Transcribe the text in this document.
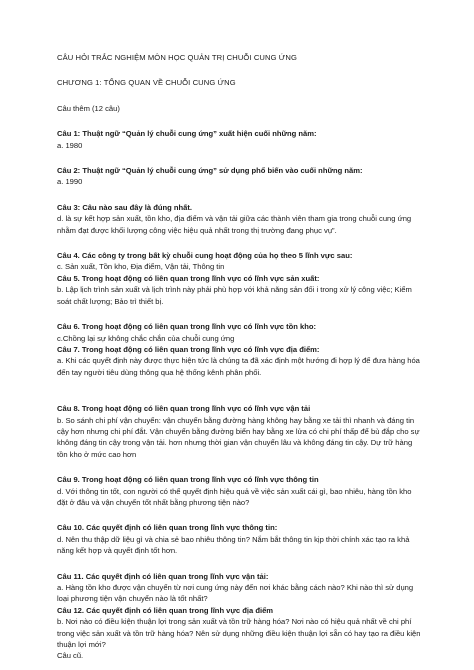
CÂU HỎI TRẮC NGHIỆM MÔN HỌC QUẢN TRỊ CHUỖI CUNG ỨNG

CHƯƠNG 1: TỔNG QUAN VỀ CHUỖI CUNG ỨNG

Câu thêm (12 câu)

Câu 1: Thuật ngữ “Quản lý chuỗi cung ứng” xuất hiện cuối những năm:

a. 1980

Câu 2: Thuật ngữ “Quản lý chuỗi cung ứng” sử dụng phổ biến vào cuối những năm:

a. 1990

Câu 3: Câu nào sau đây là đúng nhất.

d. là sự kết hợp sản xuất, tồn kho, địa điểm và vận tải giữa các thành viên tham gia trong chuỗi cung ứng nhằm đạt được khối lượng công việc hiệu quả nhất trong thị trường đang phục vụ”.

Câu 4. Các công ty trong bất kỳ chuỗi cung hoạt động của họ theo 5 lĩnh vực sau:

c. Sản xuất, Tồn kho, Địa điểm, Vận tải, Thông tin

Câu 5. Trong hoạt động có liên quan trong lĩnh vực có lĩnh vực sản xuất:

b. Lập lịch trình sản xuất và lịch trình này phải phù hợp với khả năng sản đối i trong xử lý công việc; Kiểm soát chất lượng; Bảo trì thiết bị.

Câu 6. Trong hoạt động có liên quan trong lĩnh vực có lĩnh vực tồn kho:

c.Chồng lại sự không chắc chắn của chuỗi cung ứng

Câu 7. Trong hoạt động có liên quan trong lĩnh vực có lĩnh vực địa điểm:

a. Khi các quyết định này được thực hiện tức là chúng ta đã xác định một hướng đi hợp lý để đưa hàng hóa đến tay người tiêu dùng thông qua hệ thống kênh phân phối.

Câu 8. Trong hoạt động có liên quan trong lĩnh vực có lĩnh vực vận tải

b. So sánh chi phí vận chuyển: vận chuyển bằng đường hàng không hay bằng xe tải thì nhanh và đáng tin cậy hơn nhưng chi phí đắt. Vận chuyển bằng đường biển hay bằng xe lửa có chi phí thấp để bù đắp cho sự không đáng tin cậy trong vận tải. hơn nhưng thời gian vận chuyển lâu và không đáng tin cậy. Dự trữ hàng tồn kho ở mức cao hơn

Câu 9. Trong hoạt động có liên quan trong lĩnh vực có lĩnh vực thông tin

d. Với thông tin tốt, con người có thể quyết định hiệu quả về việc sản xuất cái gì, bao nhiêu, hàng tồn kho đặt ở đâu và vận chuyển tốt nhất bằng phương tiện nào?

Câu 10. Các quyết định có liên quan trong lĩnh vực thông tin:

d. Nên thu thập dữ liệu gì và chia sẻ bao nhiêu thông tin? Nắm bắt thông tin kịp thời chính xác tạo ra khả năng kết hợp và quyết định tốt hơn.

Câu 11. Các quyết định có liên quan trong lĩnh vực vận tải:

a. Hàng tồn kho được vận chuyển từ nơi cung ứng này đến nơi khác bằng cách nào? Khi nào thì sử dụng loại phương tiện vận chuyển nào là tốt nhất?

Câu 12. Các quyết định có liên quan trong lĩnh vực địa điểm

b. Nơi nào có điều kiện thuận lợi trong sản xuất và tồn trữ hàng hóa? Nơi nào có hiệu quả nhất về chi phí trong việc sản xuất và tồn trữ hàng hóa? Nên sử dụng những điều kiện thuận lợi sẵn có hay tạo ra điều kiện thuận lợi mới?

Câu cũ.
